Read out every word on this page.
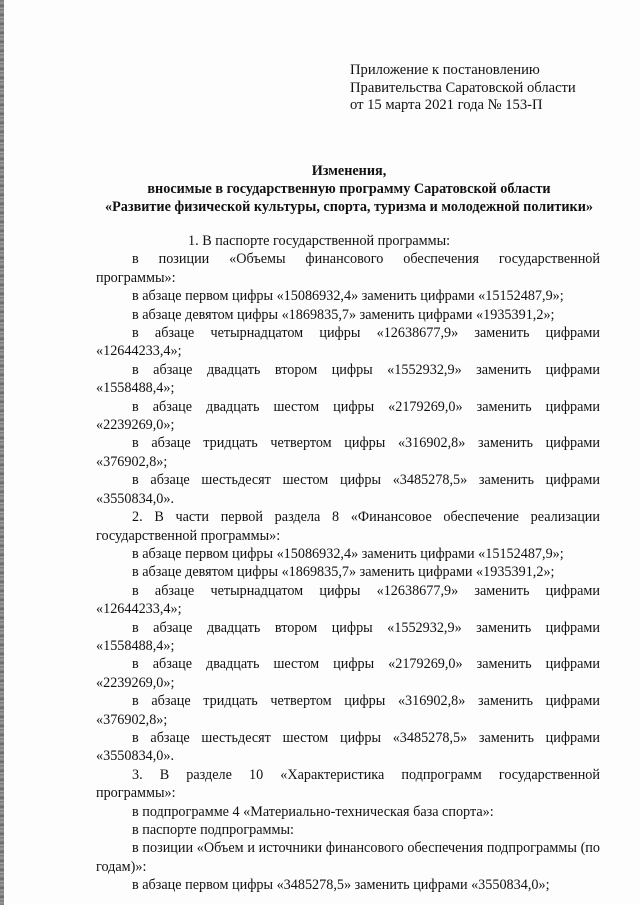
Приложение к постановлению
Правительства Саратовской области
от 15 марта 2021 года № 153-П
Изменения,
вносимые в государственную программу Саратовской области
«Развитие физической культуры, спорта, туризма и молодежной политики»

1. В паспорте государственной программы:

в позиции «Объемы финансового обеспечения государственной программы»:

в абзаце первом цифры «15086932,4» заменить цифрами «15152487,9»;

в абзаце девятом цифры «1869835,7» заменить цифрами «1935391,2»;

в абзаце четырнадцатом цифры «12638677,9» заменить цифрами «12644233,4»;

в абзаце двадцать втором цифры «1552932,9» заменить цифрами «1558488,4»;

в абзаце двадцать шестом цифры «2179269,0» заменить цифрами «2239269,0»;

в абзаце тридцать четвертом цифры «316902,8» заменить цифрами «376902,8»;

в абзаце шестьдесят шестом цифры «3485278,5» заменить цифрами «3550834,0».

2. В части первой раздела 8 «Финансовое обеспечение реализации государственной программы»:

в абзаце первом цифры «15086932,4» заменить цифрами «15152487,9»;

в абзаце девятом цифры «1869835,7» заменить цифрами «1935391,2»;

в абзаце четырнадцатом цифры «12638677,9» заменить цифрами «12644233,4»;

в абзаце двадцать втором цифры «1552932,9» заменить цифрами «1558488,4»;

в абзаце двадцать шестом цифры «2179269,0» заменить цифрами «2239269,0»;

в абзаце тридцать четвертом цифры «316902,8» заменить цифрами «376902,8»;

в абзаце шестьдесят шестом цифры «3485278,5» заменить цифрами «3550834,0».

3. В разделе 10 «Характеристика подпрограмм государственной программы»:

в подпрограмме 4 «Материально-техническая база спорта»:

в паспорте подпрограммы:

в позиции «Объем и источники финансового обеспечения подпрограммы (по годам)»:

в абзаце первом цифры «3485278,5» заменить цифрами «3550834,0»;
